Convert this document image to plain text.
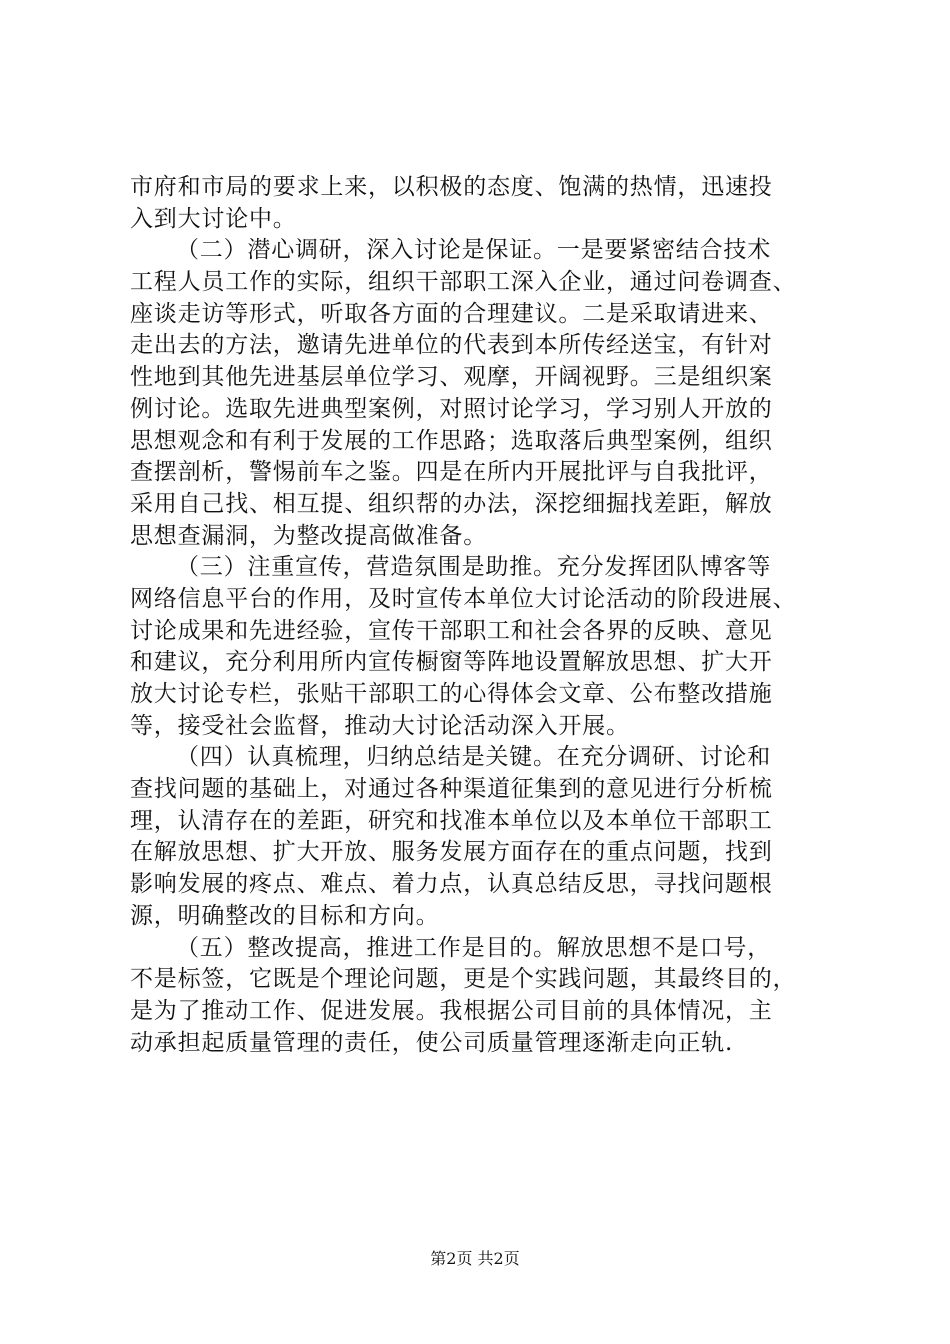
市府和市局的要求上来，以积极的态度、饱满的热情，迅速投
入到大讨论中。
（二）潜心调研，深入讨论是保证。一是要紧密结合技术
工程人员工作的实际，组织干部职工深入企业，通过问卷调查、
座谈走访等形式，听取各方面的合理建议。二是采取请进来、
走出去的方法，邀请先进单位的代表到本所传经送宝，有针对
性地到其他先进基层单位学习、观摩，开阔视野。三是组织案
例讨论。选取先进典型案例，对照讨论学习，学习别人开放的
思想观念和有利于发展的工作思路；选取落后典型案例，组织
查摆剖析，警惕前车之鉴。四是在所内开展批评与自我批评，
采用自己找、相互提、组织帮的办法，深挖细掘找差距，解放
思想查漏洞，为整改提高做准备。
（三）注重宣传，营造氛围是助推。充分发挥团队博客等
网络信息平台的作用，及时宣传本单位大讨论活动的阶段进展、
讨论成果和先进经验，宣传干部职工和社会各界的反映、意见
和建议，充分利用所内宣传橱窗等阵地设置解放思想、扩大开
放大讨论专栏，张贴干部职工的心得体会文章、公布整改措施
等，接受社会监督，推动大讨论活动深入开展。
（四）认真梳理，归纳总结是关键。在充分调研、讨论和
查找问题的基础上，对通过各种渠道征集到的意见进行分析梳
理，认清存在的差距，研究和找准本单位以及本单位干部职工
在解放思想、扩大开放、服务发展方面存在的重点问题，找到
影响发展的疼点、难点、着力点，认真总结反思，寻找问题根
源，明确整改的目标和方向。
（五）整改提高，推进工作是目的。解放思想不是口号，
不是标签，它既是个理论问题，更是个实践问题，其最终目的，
是为了推动工作、促进发展。我根据公司目前的具体情况，主
动承担起质量管理的责任，使公司质量管理逐渐走向正轨.
第2页 共2页
